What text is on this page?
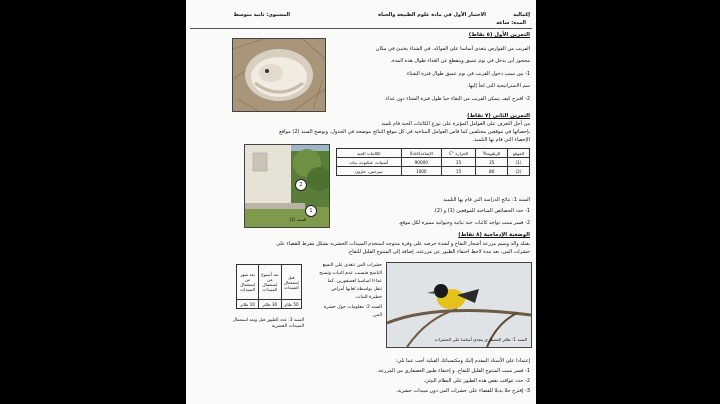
المستوى: ثانية متوسط	الاختبار الأول في مادة علوم الطبيعة والحياة	إكمالية
المدة: ساعة
التمرين الأول (٥ نقاط)
الفرنب من القوارض يتغذى أساسا على الفواكه. في الشتاء يختبئ في مكان
محجوز أين يدخل في نوم عميق ويتقطع عن الغذاء طوال هذه المدة.
1- بين سبب دخول الفرنب في نوم عميق طوال فترة الشتاء.
سم الاستراتيجية التي لجأ إليها.
2- اقترح كيف يتمكن الفرنب من البقاء حيا طول فترة الشتاء دون غذاء.
التمرين الثاني (٧ نقاط)
من أجل التعرف على العوامل المؤثرة على توزع الكائنات الحية قام تلميذ
بإحصائها في موقعين مختلفين كما قاس العوامل المناخية في كل موقع النتائج موضحة في الجدول. ويوضح السند (2) مواقع
الإحصاء التي قام بها التلميذ.
1
2
السند (2)
الموقع	الرطوبة%	الحرارة °C	الإضاءة(Lux)	الكائنات الحية
(1)	35	35	90000	أشنيات، عنكبوت، نبات
(2)	80	15	1000	سرخس، حلزون
السند 1: نتائج الدراسة التي قام بها التلميذ
1- حدد الخصائص المناخية للموقعين (1) و (2).
2- فسر سبب تواجد كائنات حية نباتية وحيوانية مميزة لكل موقع.
الوضعية الإدماجية (٨ نقاط)
بقتله والد وسيم مزرعة أشجار التفاح و لشدة حرصه على وفرة منتوجه استخدم المبيدات الحشرية بشكل مفرط للقضاء على
حشرات المن، بعد مدة لاحظ اختفاء الطيور عن مزرعته، إضافة إلى المنتوج القليل للتفاح.
السند 1: طائر العصفاري يتغذى أساسا على الحشرات
حشرات المن تتغذى على النسغ
الناضج فتسبب عدم النبات وتصبح
عذاءا اساسيا لعصفورين. كما
تنقل بواسطة لعابها أمراض
خطيرة للنبات.
السند 2: معلومات حول حشرة
المن.
قبل إستعمال المبيدات	بعد أسبوع من إستعمال المبيدات	بعد شهر من إستعمال المبيدات
50 طائر	30 طائر	10 طائر
السند 3: عدد الطيور قبل وبعد استعمال المبيدات الحشرية
إعتمادا على الأسناد المقدم إليك ومكتسباتك القبلية أجب عما يلي:
1- فسر سبب المنتوج القليل للتفاح. و إختفاء طيور العصفاري من المزرعة.
2- حدد عواقب نقص هذه الطيور على النظام البيئي.
3- إقترح حلا بديلا للقضاء على حشرات المن دون مبيدات حشرية.
